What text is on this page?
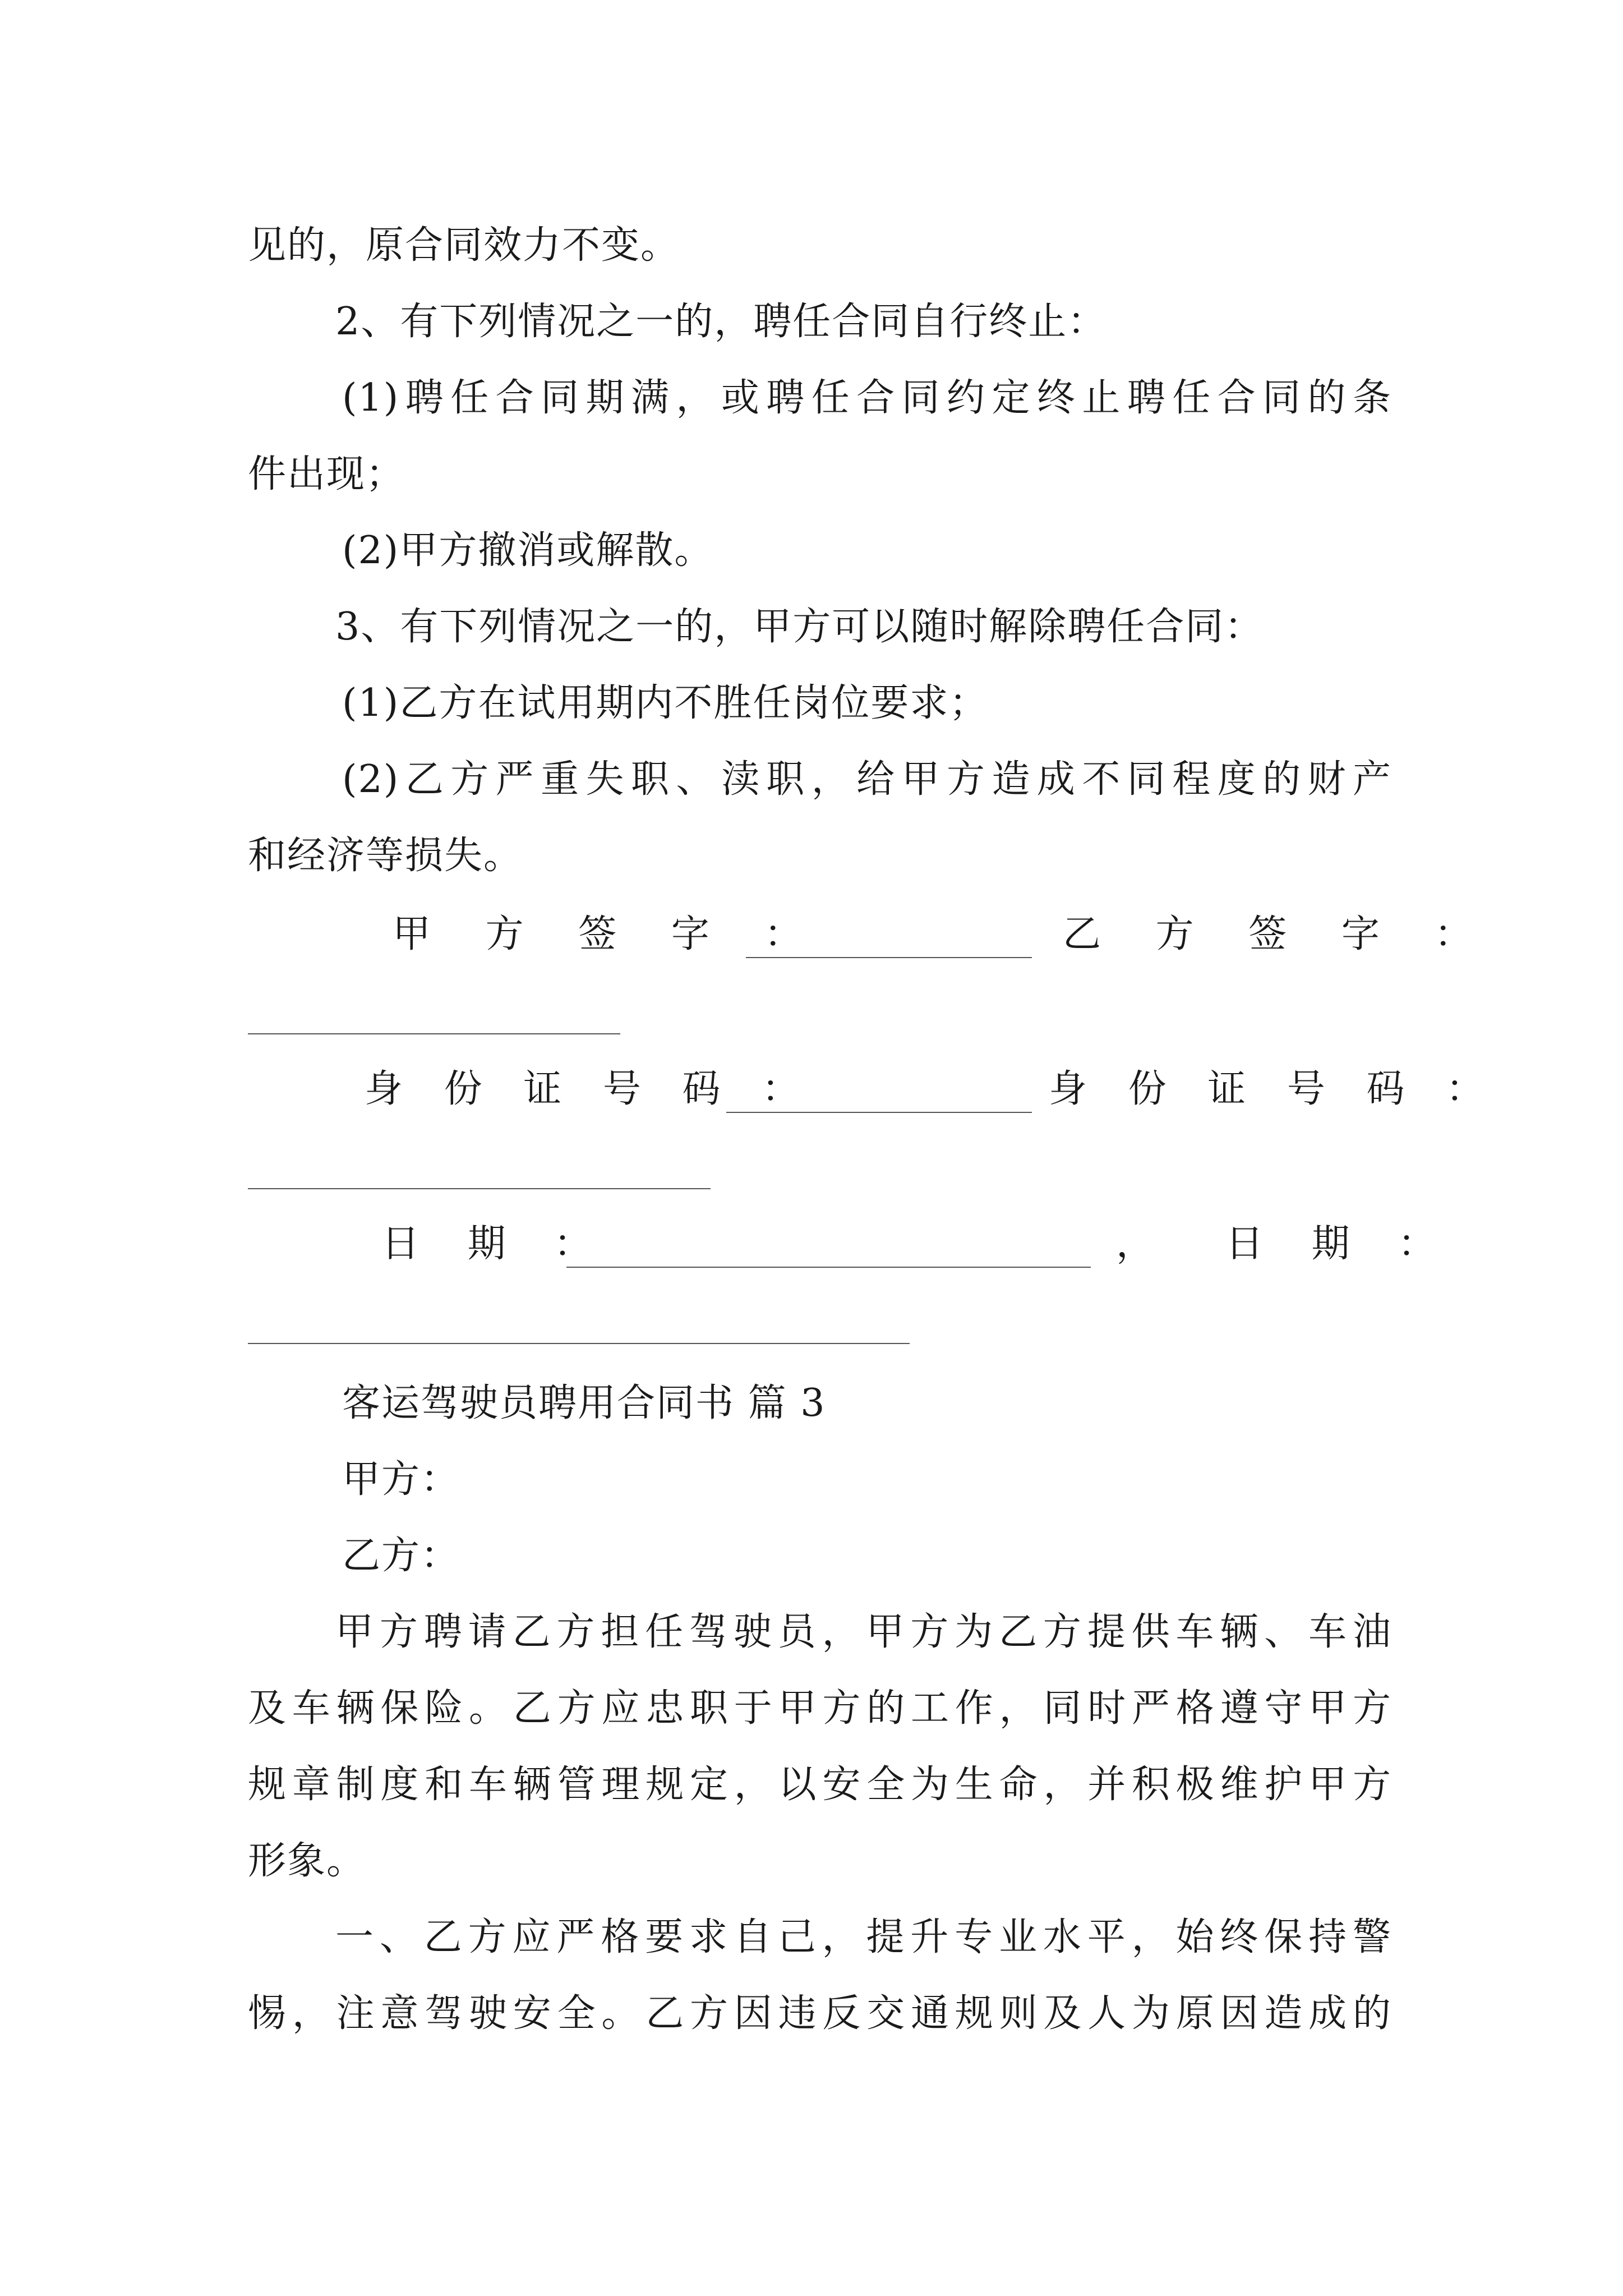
见的，原合同效力不变。
2、有下列情况之一的，聘任合同自行终止：
(1)聘任合同期满，或聘任合同约定终止聘任合同的条
件出现；
(2)甲方撤消或解散。
3、有下列情况之一的，甲方可以随时解除聘任合同：
(1)乙方在试用期内不胜任岗位要求；
(2)乙方严重失职、渎职，给甲方造成不同程度的财产
和经济等损失。
甲 方 签 字 ：	乙 方 签 字 ：
身 份 证 号 码 ：	身 份 证 号 码 ：
日 期 ：	， 日 期 ：
客运驾驶员聘用合同书 篇 3
甲方：
乙方：
甲方聘请乙方担任驾驶员，甲方为乙方提供车辆、车油
及车辆保险。乙方应忠职于甲方的工作，同时严格遵守甲方
规章制度和车辆管理规定，以安全为生命，并积极维护甲方
形象。
一、乙方应严格要求自己，提升专业水平，始终保持警
惕，注意驾驶安全。乙方因违反交通规则及人为原因造成的
